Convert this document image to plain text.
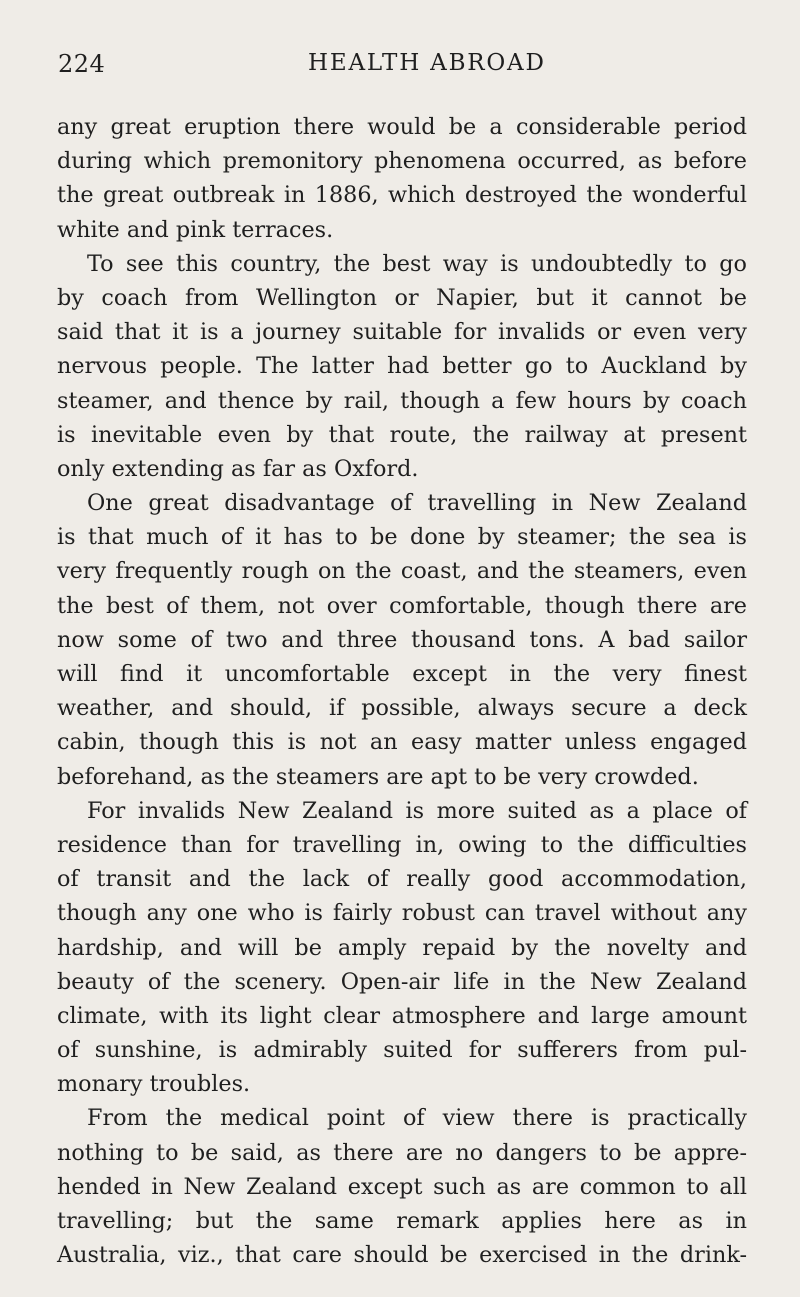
224	HEALTH ABROAD
any great eruption there would be a considerable period
during which premonitory phenomena occurred, as before
the great outbreak in 1886, which destroyed the wonderful
white and pink terraces.
To see this country, the best way is undoubtedly to go
by coach from Wellington or Napier, but it cannot be
said that it is a journey suitable for invalids or even very
nervous people. The latter had better go to Auckland by
steamer, and thence by rail, though a few hours by coach
is inevitable even by that route, the railway at present
only extending as far as Oxford.
One great disadvantage of travelling in New Zealand
is that much of it has to be done by steamer; the sea is
very frequently rough on the coast, and the steamers, even
the best of them, not over comfortable, though there are
now some of two and three thousand tons. A bad sailor
will find it uncomfortable except in the very finest
weather, and should, if possible, always secure a deck
cabin, though this is not an easy matter unless engaged
beforehand, as the steamers are apt to be very crowded.
For invalids New Zealand is more suited as a place of
residence than for travelling in, owing to the difficulties
of transit and the lack of really good accommodation,
though any one who is fairly robust can travel without any
hardship, and will be amply repaid by the novelty and
beauty of the scenery. Open-air life in the New Zealand
climate, with its light clear atmosphere and large amount
of sunshine, is admirably suited for sufferers from pul-
monary troubles.
From the medical point of view there is practically
nothing to be said, as there are no dangers to be appre-
hended in New Zealand except such as are common to all
travelling; but the same remark applies here as in
Australia, viz., that care should be exercised in the drink-
